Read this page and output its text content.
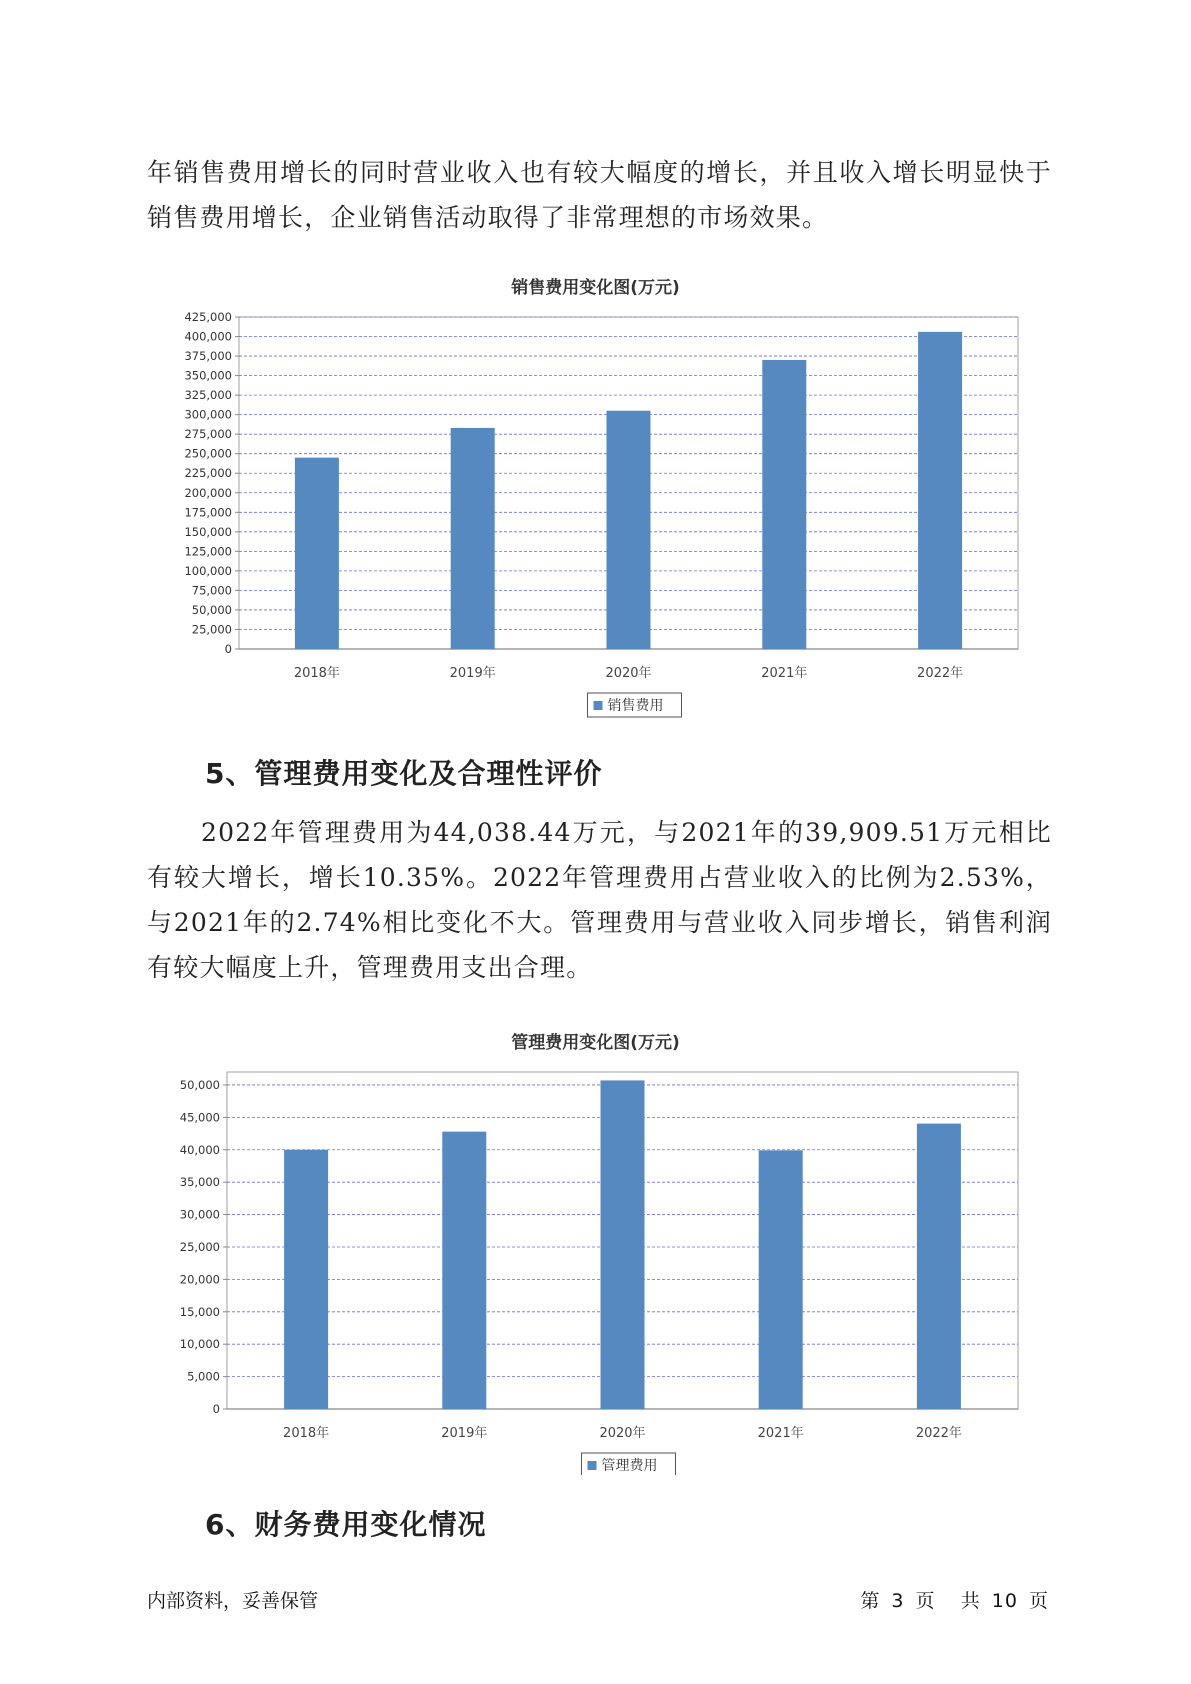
年销售费用增长的同时营业收入也有较大幅度的增长，并且收入增长明显快于销售费用增长，企业销售活动取得了非常理想的市场效果。

销售费用变化图(万元)
0
25,000
50,000
75,000
100,000
125,000
150,000
175,000
200,000
225,000
250,000
275,000
300,000
325,000
350,000
375,000
400,000
425,000
2018年	2019年	2020年	2021年	2022年
销售费用
5、管理费用变化及合理性评价

2022年管理费用为44,038.44万元，与2021年的39,909.51万元相比有较大增长，增长10.35%。2022年管理费用占营业收入的比例为2.53%，与2021年的2.74%相比变化不大。管理费用与营业收入同步增长，销售利润有较大幅度上升，管理费用支出合理。

管理费用变化图(万元)
0
5,000
10,000
15,000
20,000
25,000
30,000
35,000
40,000
45,000
50,000
2018年	2019年	2020年	2021年	2022年
管理费用
6、财务费用变化情况
内部资料，妥善保管	第 3 页 共 10 页
